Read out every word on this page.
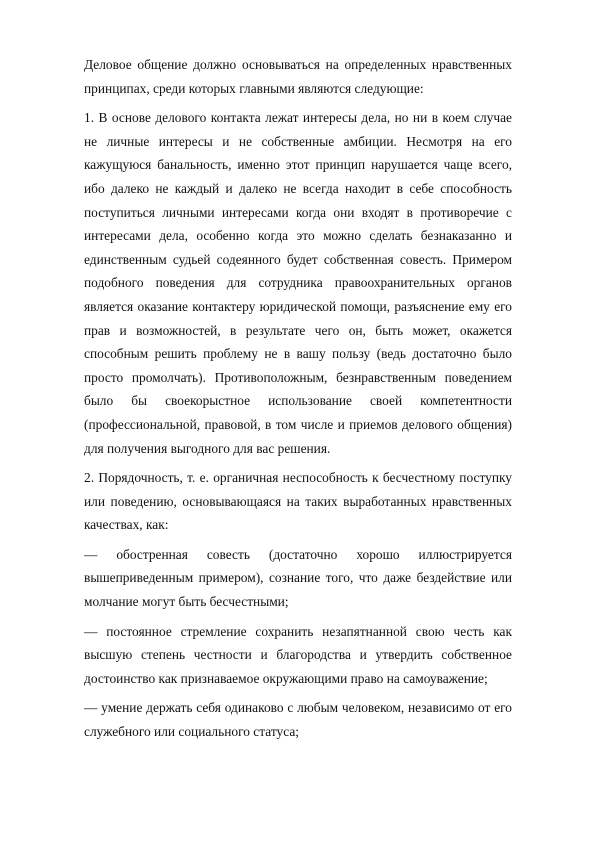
Деловое общение должно основываться на определенных нравственных принципах, среди которых главными являются следующие:

1. В основе делового контакта лежат интересы дела, но ни в коем случае не личные интересы и не собственные амбиции. Несмотря на его кажущуюся банальность, именно этот принцип нарушается чаще всего, ибо далеко не каждый и далеко не всегда находит в себе способность поступиться личными интересами когда они входят в противоречие с интересами дела, особенно когда это можно сделать безнаказанно и единственным судьей содеянного будет собственная совесть. Примером подобного поведения для сотрудника правоохранительных органов является оказание контактеру юридической помощи, разъяснение ему его прав и возможностей, в результате чего он, быть может, окажется способным решить проблему не в вашу пользу (ведь достаточно было просто промолчать). Противоположным, безнравственным поведением было бы своекорыстное использование своей компетентности (профессиональной, правовой, в том числе и приемов делового общения) для получения выгодного для вас решения.

2. Порядочность, т. е. органичная неспособность к бесчестному поступку или поведению, основывающаяся на таких выработанных нравственных качествах, как:

— обостренная совесть (достаточно хорошо иллюстрируется вышеприведенным примером), сознание того, что даже бездействие или молчание могут быть бесчестными;

— постоянное стремление сохранить незапятнанной свою честь как высшую степень честности и благородства и утвердить собственное достоинство как признаваемое окружающими право на самоуважение;

— умение держать себя одинаково с любым человеком, независимо от его служебного или социального статуса;
